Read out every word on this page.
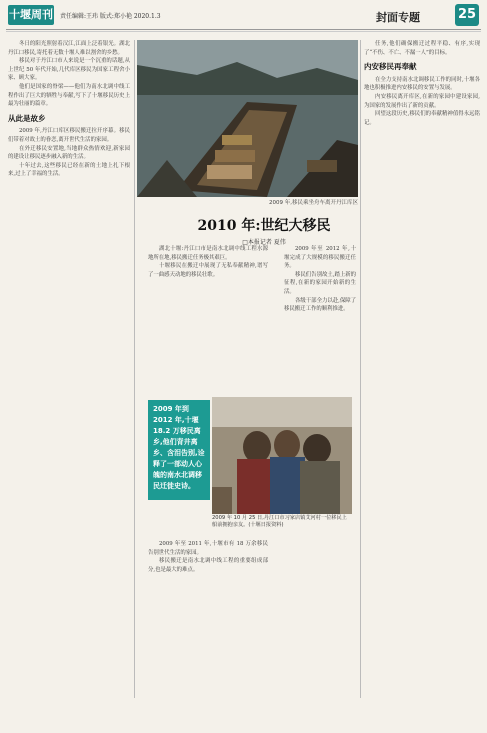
十堰周刊 责任编辑:王玮 版式:郑小艳 2020.1.3	封面专题	25

冬日的阳光照射着汉江,江面上泛着银光。湖北丹江口移民,寄托着无数十堰人难以割舍的乡愁。

移民对于丹江口市人来说是一个沉重的话题,从上世纪 50 年代开始,几代库区移民为国家工程舍小家、顾大家。

他们是国家的脊梁——他们为南水北调中线工程作出了巨大的牺牲与奉献,写下了十堰移民历史上最为壮丽的篇章。

从此是故乡

2009 年,丹江口库区移民搬迁拉开序幕。移民们带着对故土的眷恋,离开世代生活的家园。

在外迁移民安置地,当地群众热情欢迎,新家园的建设让移民逐步融入新的生活。

十年过去,这些移民已经在新的土地上扎下根来,过上了幸福的生活。

2009 年,移民乘坐舟车离开丹江库区
2010 年:世纪大移民
□本报记者 夏伟

湖北十堰:丹江口市是南水北调中线工程水源地所在地,移民搬迁任务极其艰巨。

十堰移民在搬迁中展现了无私奉献精神,谱写了一曲感天动地的移民壮歌。

2009 年至 2012 年,十堰完成了大规模的移民搬迁任务。

移民们告别故土,踏上新的征程,在新的家园开始新的生活。

各级干部全力以赴,保障了移民搬迁工作的顺利推进。

2009 年到 2012 年,十堰 18.2 万移民离乡,他们背井离乡、含泪告别,诠释了一部动人心魄的南水北调移民迁徙史诗。
2009 年 10 月 25 日,丹江口市习家店镇艾河村一位移民上船前拥抱亲友。(十堰日报资料)

2009 年至 2011 年,十堰市有 18 万余移民告别世代生活的家园。

移民搬迁是南水北调中线工程的重要组成部分,也是最大的难点。

任务,他们确保搬迁过程平稳、有序,实现了“不伤、不亡、不漏一人”的目标。

内安移民再奉献

在全力支持南水北调移民工作的同时,十堰各地也积极推进内安移民的安置与发展。

内安移民离开库区,在新的家园中建设家园,为国家的发展作出了新的贡献。

回望这段历史,移民们的奉献精神值得永远铭记。
